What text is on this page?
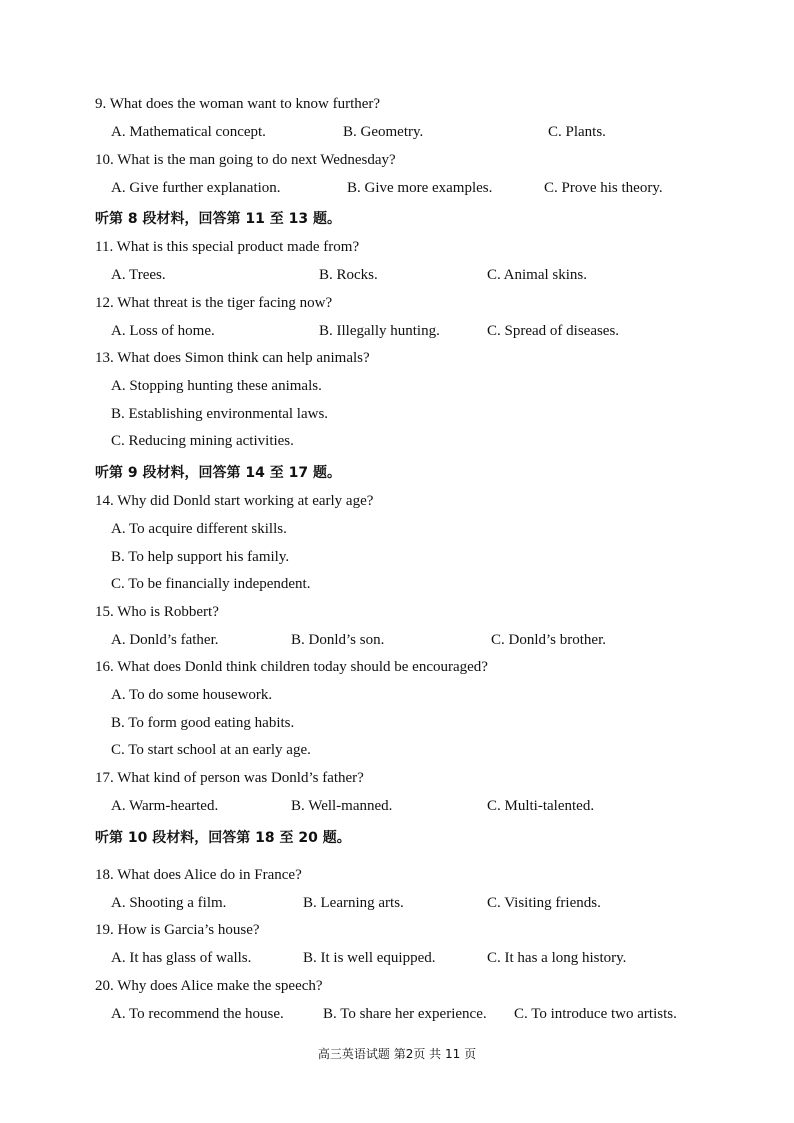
9. What does the woman want to know further?
A. Mathematical concept.	B. Geometry.	C. Plants.
10. What is the man going to do next Wednesday?
A. Give further explanation.	B. Give more examples.	C. Prove his theory.
听第 8 段材料，回答第 11 至 13 题。
11. What is this special product made from?
A. Trees.	B. Rocks.	C. Animal skins.
12. What threat is the tiger facing now?
A. Loss of home.	B. Illegally hunting.	C. Spread of diseases.
13. What does Simon think can help animals?
A. Stopping hunting these animals.
B. Establishing environmental laws.
C. Reducing mining activities.
听第 9 段材料，回答第 14 至 17 题。
14. Why did Donld start working at early age?
A. To acquire different skills.
B. To help support his family.
C. To be financially independent.
15. Who is Robbert?
A. Donld’s father.	B. Donld’s son.	C. Donld’s brother.
16. What does Donld think children today should be encouraged?
A. To do some housework.
B. To form good eating habits.
C. To start school at an early age.
17. What kind of person was Donld’s father?
A. Warm-hearted.	B. Well-manned.	C. Multi-talented.
听第 10 段材料，回答第 18 至 20 题。
18. What does Alice do in France?
A. Shooting a film.	B. Learning arts.	C. Visiting friends.
19. How is Garcia’s house?
A. It has glass of walls.	B. It is well equipped.	C. It has a long history.
20. Why does Alice make the speech?
A. To recommend the house.	B. To share her experience. C. To introduce two artists.
高三英语试题 第2页 共 11 页
